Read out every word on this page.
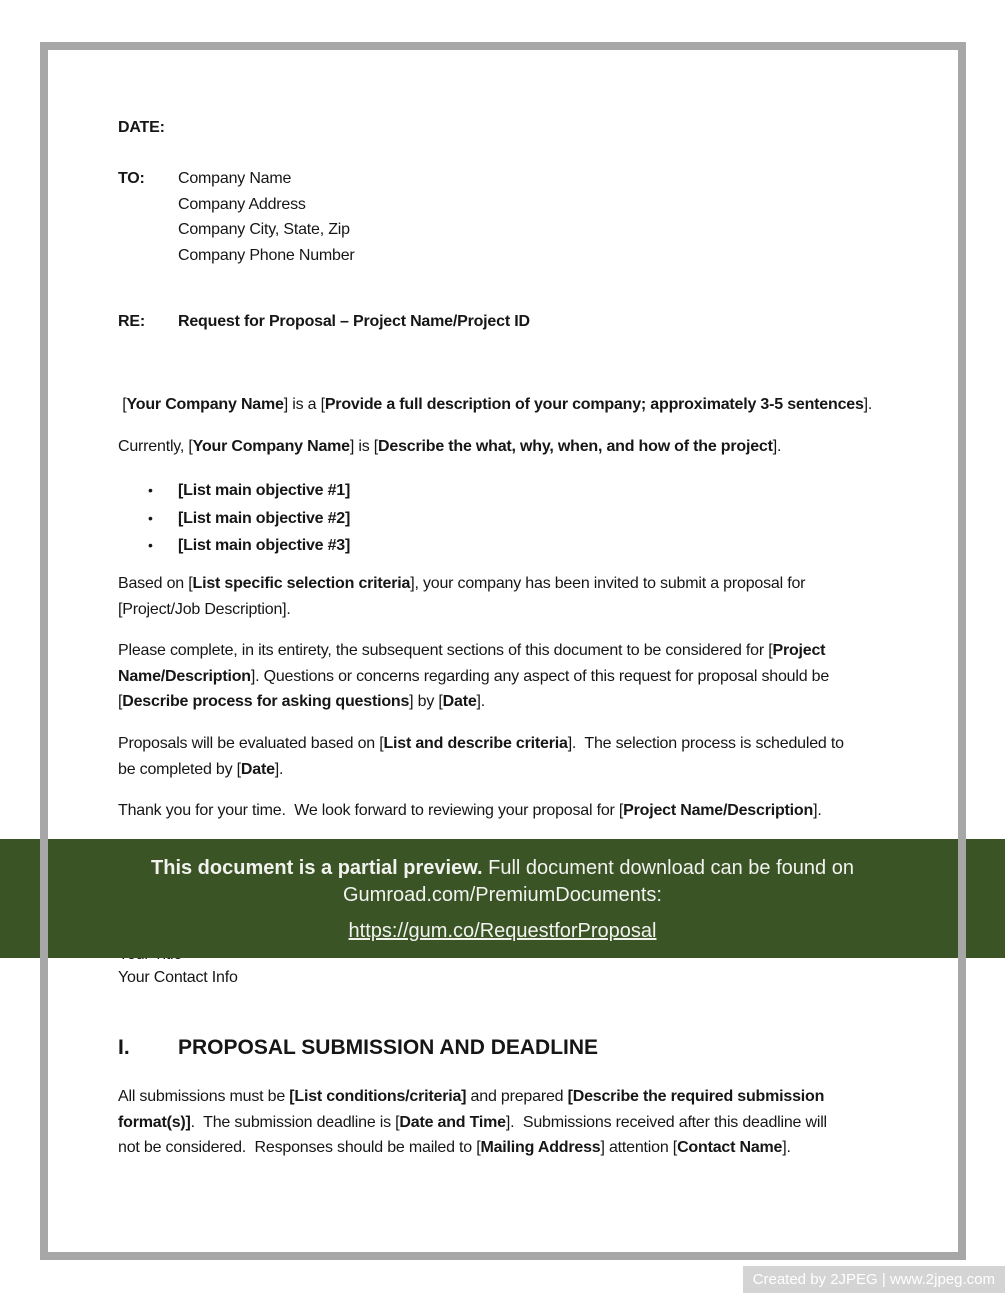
DATE:
TO: Company Name
Company Address
Company City, State, Zip
Company Phone Number
RE: Request for Proposal – Project Name/Project ID
[Your Company Name] is a [Provide a full description of your company; approximately 3-5 sentences].
Currently, [Your Company Name] is [Describe the what, why, when, and how of the project].
• [List main objective #1]
• [List main objective #2]
• [List main objective #3]
Based on [List specific selection criteria], your company has been invited to submit a proposal for
[Project/Job Description].
Please complete, in its entirety, the subsequent sections of this document to be considered for [Project
Name/Description]. Questions or concerns regarding any aspect of this request for proposal should be
[Describe process for asking questions] by [Date].
Proposals will be evaluated based on [List and describe criteria].  The selection process is scheduled to
be completed by [Date].
Thank you for your time.  We look forward to reviewing your proposal for [Project Name/Description].
Your Contact Info
I. PROPOSAL SUBMISSION AND DEADLINE
All submissions must be [List conditions/criteria] and prepared [Describe the required submission
format(s)].  The submission deadline is [Date and Time].  Submissions received after this deadline will
not be considered.  Responses should be mailed to [Mailing Address] attention [Contact Name].
This document is a partial preview. Full document download can be found on
Gumroad.com/PremiumDocuments:
https://gum.co/RequestforProposal
Created by 2JPEG | www.2jpeg.com
